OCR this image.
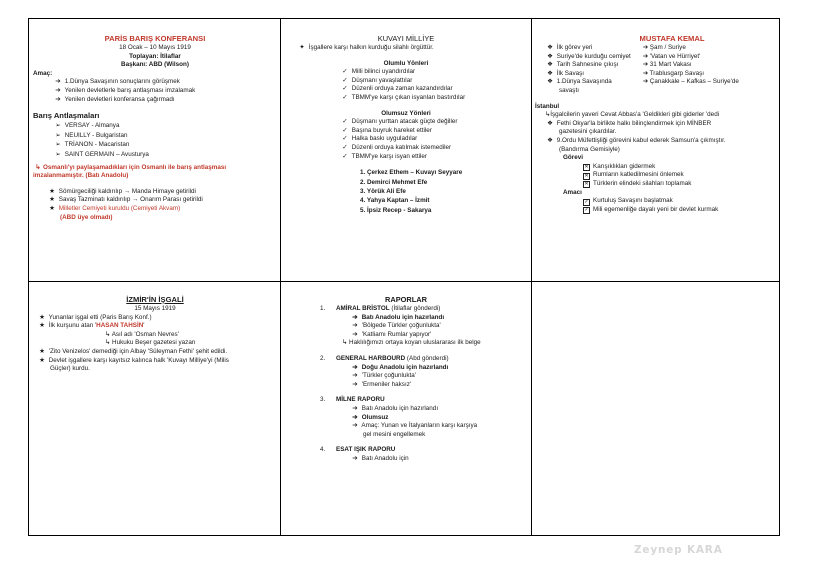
PARİS BARIŞ KONFERANSI
18 Ocak – 10 Mayıs 1919
Toplayan: İtilaflar
Başkanı: ABD (Wilson)
Amaç:
➔ 1.Dünya Savaşının sonuçlarını görüşmek
➔ Yenilen devletlerle barış antlaşması imzalamak
➔ Yenilen devletleri konferansa çağırmadı
Barış Antlaşmaları
➢ VERSAY - Almanya
➢ NEUILLY - Bulgaristan
➢ TRİANON - Macaristan
➢ SAINT GERMAIN – Avusturya
↳ Osmanlı'yı paylaşamadıkları için Osmanlı ile barış antlaşması
imzalanmamıştır. (Batı Anadolu)
★ Sömürgeciliği kaldırılıp → Manda Himaye getirildi
★ Savaş Tazminatı kaldırılıp → Onarım Parası getirildi
★ Milletler Cemiyeti kuruldu (Cemiyeti Akvam)
(ABD üye olmadı)
KUVAYI MİLLİYE
✦ İşgallere karşı halkın kurduğu silahlı örgüttür.
Olumlu Yönleri
✓ Milli bilinci uyandırdılar
✓ Düşmanı yavaşlattılar
✓ Düzenli orduya zaman kazandırdılar
✓ TBMM'ye karşı çıkan isyanları bastırdılar
Olumsuz Yönleri
✓ Düşmanı yurttan atacak güçte değiller
✓ Başına buyruk hareket ettiler
✓ Halka baskı uyguladılar
✓ Düzenli orduya katılmak istemediler
✓ TBMM'ye karşı isyan ettiler
1. Çerkez Ethem – Kuvayı Seyyare
2. Demirci Mehmet Efe
3. Yörük Ali Efe
4. Yahya Kaptan – İzmit
5. İpsiz Recep - Sakarya
MUSTAFA KEMAL
❖ İlk görev yeri	➔ Şam / Suriye
❖ Suriye'de kurduğu cemiyet ➔ 'Vatan ve Hürriyet'
❖ Tarih Sahnesine çıkışı	➔ 31 Mart Vakası
❖ İlk Savaşı	➔ Trablusgarp Savaşı
❖ 1.Dünya Savaşında	➔ Çanakkale – Kafkas – Suriye'de
savaştı
İstanbul
↳İşgalcilerin yaveri Cevat Abbas'a 'Geldikleri gibi giderler 'dedi
❖ Fethi Okyar'la birlikte halkı bilinçlendirmek için MİNBER
gazetesini çıkardılar.
❖ 9.Ordu Müfettişliği görevini kabul ederek Samsun'a çıkmıştır.
(Bandırma Gemisiyle)
Görevi
✕ Karışıklıkları gidermek
✕ Rumların katledilmesini önlemek
✕ Türklerin elindeki silahları toplamak
Amacı
✓ Kurtuluş Savaşını başlatmak
✓ Mili egemenliğe dayalı yeni bir devlet kurmak
İZMİR'İN İŞGALİ
15 Mayıs 1919
★ Yunanlar işgal etti (Paris Barış Konf.)
★ İlk kurşunu atan 'HASAN TAHSİN'
↳ Asıl adı 'Osman Nevres'
↳ Hukuku Beşer gazetesi yazarı
★ 'Zito Venizelos' demediği için Albay 'Süleyman Fethi' şehit edildi.
★ Devlet işgallere karşı kayıtsız kalınca halk 'Kuvayı Milliye'yi (Milis
Güçler) kurdu.
RAPORLAR
1. AMİRAL BRİSTOL (İtilaflar gönderdi)
➔ Batı Anadolu için hazırlandı
➔ 'Bölgede Türkler çoğunlukta'
➔ 'Katliamı Rumlar yapıyor'
↳ Haklılığımızı ortaya koyan uluslararası ilk belge
2. GENERAL HARBOURD (Abd gönderdi)
➔ Doğu Anadolu için hazırlandı
➔ 'Türkler çoğunlukta'
➔ 'Ermeniler haksız'
3. MİLNE RAPORU
➔ Batı Anadolu için hazırlandı
➔ Olumsuz
➔ Amaç: Yunan ve İtalyanların karşı karşıya
gel mesini engellemek
4. ESAT IŞIK RAPORU
➔ Batı Anadolu için
Zeynep KARA
